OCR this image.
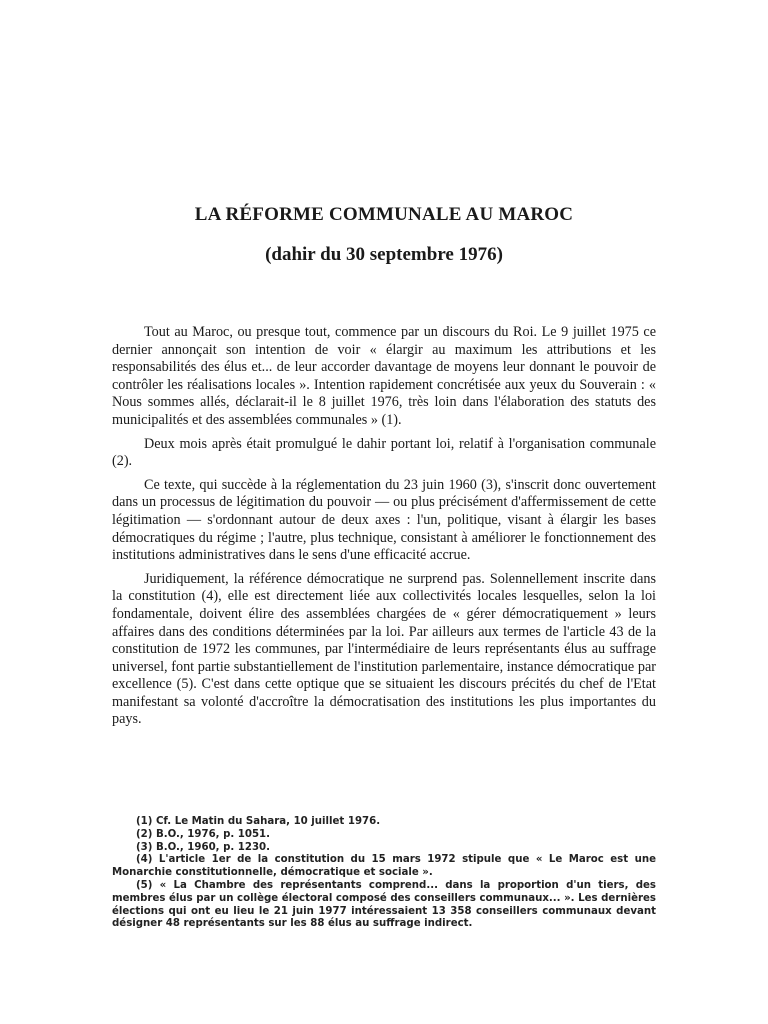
LA RÉFORME COMMUNALE AU MAROC
(dahir du 30 septembre 1976)

Tout au Maroc, ou presque tout, commence par un discours du Roi. Le 9 juillet 1975 ce dernier annonçait son intention de voir « élargir au maximum les attributions et les responsabilités des élus et... de leur accorder davantage de moyens leur donnant le pouvoir de contrôler les réalisations locales ». Intention rapidement concrétisée aux yeux du Souverain : « Nous sommes allés, déclarait-il le 8 juillet 1976, très loin dans l'élaboration des statuts des municipalités et des assemblées communales » (1).

Deux mois après était promulgué le dahir portant loi, relatif à l'organisation communale (2).

Ce texte, qui succède à la réglementation du 23 juin 1960 (3), s'inscrit donc ouvertement dans un processus de légitimation du pouvoir — ou plus précisément d'affermissement de cette légitimation — s'ordonnant autour de deux axes : l'un, politique, visant à élargir les bases démocratiques du régime ; l'autre, plus technique, consistant à améliorer le fonctionnement des institutions administratives dans le sens d'une efficacité accrue.

Juridiquement, la référence démocratique ne surprend pas. Solennellement inscrite dans la constitution (4), elle est directement liée aux collectivités locales lesquelles, selon la loi fondamentale, doivent élire des assemblées chargées de « gérer démocratiquement » leurs affaires dans des conditions déterminées par la loi. Par ailleurs aux termes de l'article 43 de la constitution de 1972 les communes, par l'intermédiaire de leurs représentants élus au suffrage universel, font partie substantiellement de l'institution parlementaire, instance démocratique par excellence (5). C'est dans cette optique que se situaient les discours précités du chef de l'Etat manifestant sa volonté d'accroître la démocratisation des institutions les plus importantes du pays.

(1) Cf. Le Matin du Sahara, 10 juillet 1976.

(2) B.O., 1976, p. 1051.

(3) B.O., 1960, p. 1230.

(4) L'article 1er de la constitution du 15 mars 1972 stipule que « Le Maroc est une Monarchie constitutionnelle, démocratique et sociale ».

(5) « La Chambre des représentants comprend... dans la proportion d'un tiers, des membres élus par un collège électoral composé des conseillers communaux... ». Les dernières élections qui ont eu lieu le 21 juin 1977 intéressaient 13 358 conseillers communaux devant désigner 48 représentants sur les 88 élus au suffrage indirect.
